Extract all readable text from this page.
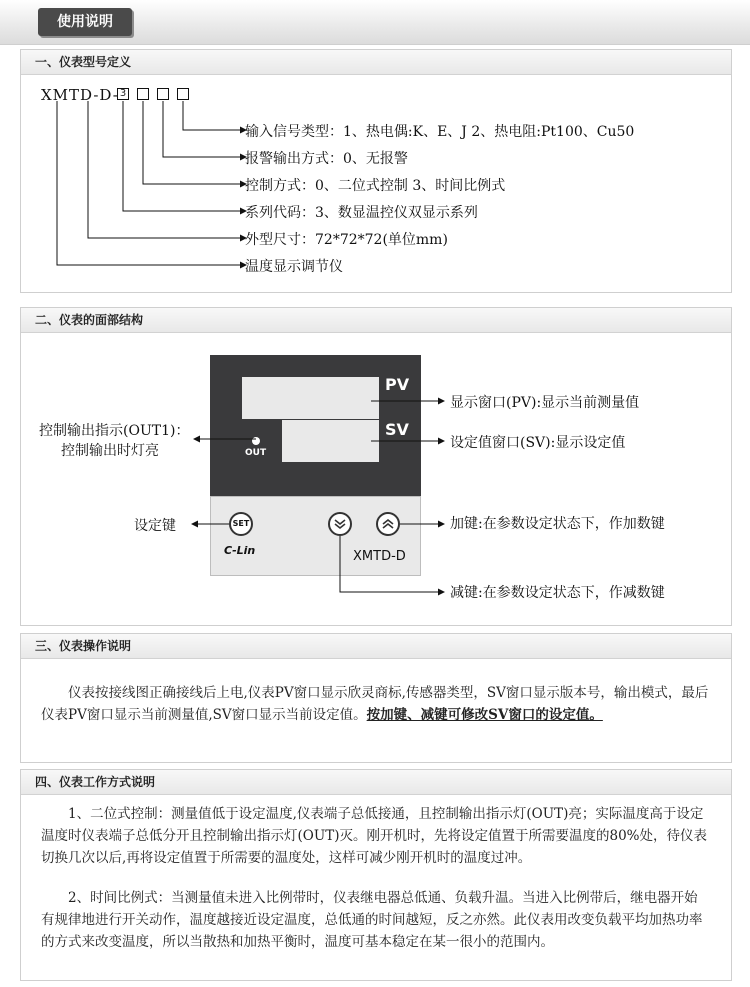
使用说明
一、仪表型号定义
XMTD-D- 3
输入信号类型：1、热电偶:K、E、J 2、热电阻:Pt100、Cu50
报警输出方式：0、无报警
控制方式：0、二位式控制 3、时间比例式
系列代码：3、数显温控仪双显示系列
外型尺寸：72*72*72(单位mm)
温度显示调节仪
二、仪表的面部结构
PV
SV
OUT
SET
C-Lin	XMTD-D
显示窗口(PV):显示当前测量值
设定值窗口(SV):显示设定值
控制输出指示(OUT1)：
控制输出时灯亮
设定键	加键:在参数设定状态下，作加数键
减键:在参数设定状态下，作减数键
三、仪表操作说明
仪表按接线图正确接线后上电,仪表PV窗口显示欣灵商标,传感器类型，SV窗口显示版本号，输出模式，最后仪表PV窗口显示当前测量值,SV窗口显示当前设定值。按加键、减键可修改SV窗口的设定值。
四、仪表工作方式说明
1、二位式控制：测量值低于设定温度,仪表端子总低接通，且控制输出指示灯(OUT)亮；实际温度高于设定温度时仪表端子总低分开且控制输出指示灯(OUT)灭。刚开机时，先将设定值置于所需要温度的80%处，待仪表切换几次以后,再将设定值置于所需要的温度处，这样可减少刚开机时的温度过冲。
2、时间比例式：当测量值未进入比例带时，仪表继电器总低通、负载升温。当进入比例带后，继电器开始有规律地进行开关动作，温度越接近设定温度，总低通的时间越短，反之亦然。此仪表用改变负载平均加热功率的方式来改变温度，所以当散热和加热平衡时，温度可基本稳定在某一很小的范围内。
